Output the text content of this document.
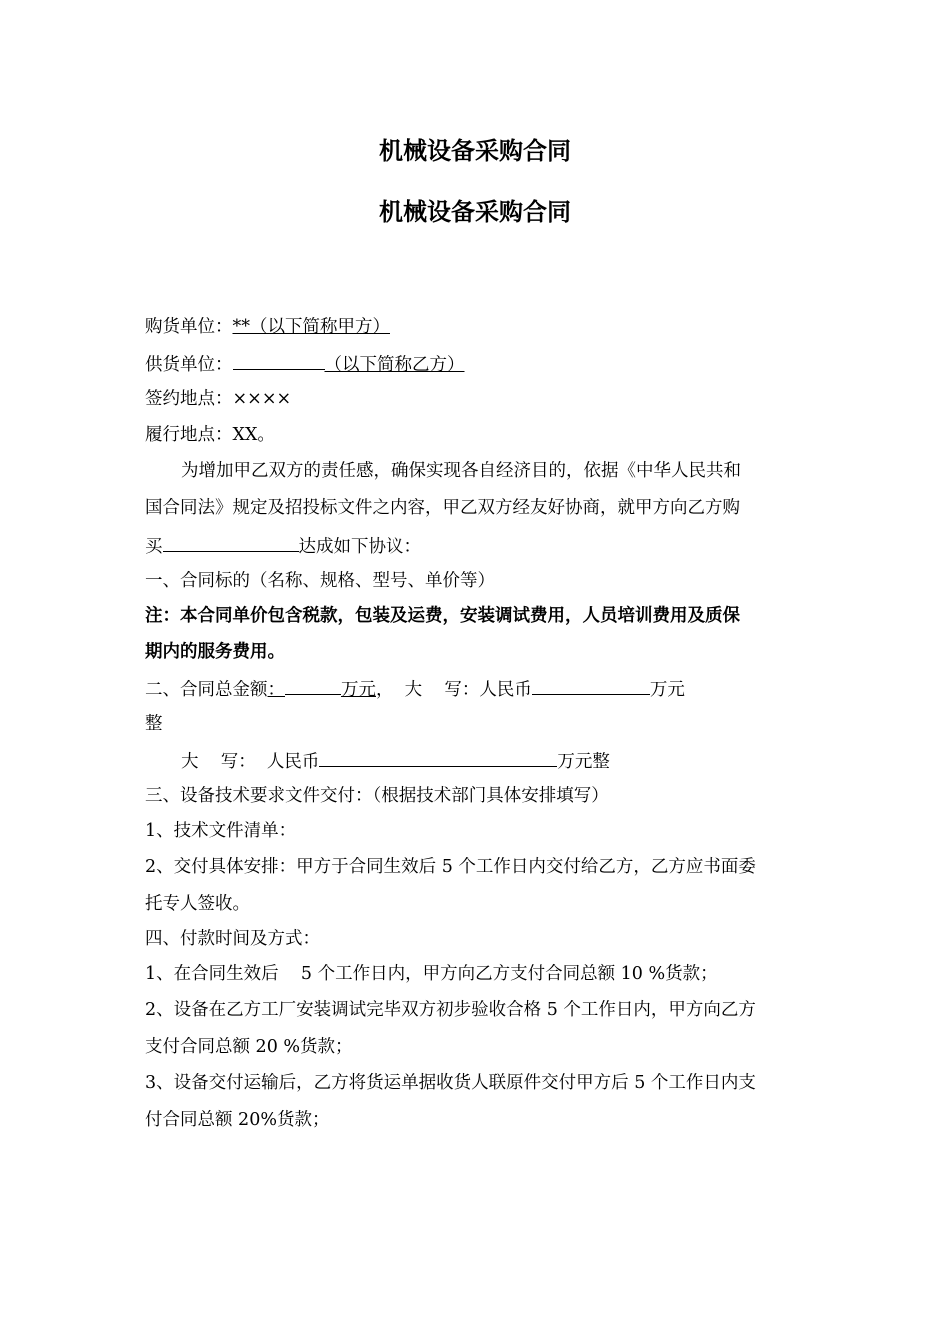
机械设备采购合同
机械设备采购合同
购货单位：**（以下简称甲方）
供货单位：	（以下简称乙方）
签约地点：××××
履行地点：XX。
为增加甲乙双方的责任感，确保实现各自经济目的，依据《中华人民共和
国合同法》规定及招投标文件之内容，甲乙双方经友好协商，就甲方向乙方购
买	达成如下协议：
一、合同标的（名称、规格、型号、单价等）
注：本合同单价包含税款，包装及运费，安装调试费用，人员培训费用及质保
期内的服务费用。
二、合同总金额：	万元，  大    写：人民币	万元
整
大    写：  人民币	万元整
三、设备技术要求文件交付：（根据技术部门具体安排填写）
1、技术文件清单：
2、交付具体安排：甲方于合同生效后 5 个工作日内交付给乙方，乙方应书面委
托专人签收。
四、付款时间及方式：
1、在合同生效后    5 个工作日内，甲方向乙方支付合同总额 10 %货款；
2、设备在乙方工厂安装调试完毕双方初步验收合格 5 个工作日内，甲方向乙方
支付合同总额 20 %货款；
3、设备交付运输后，乙方将货运单据收货人联原件交付甲方后 5 个工作日内支
付合同总额 20%货款；
